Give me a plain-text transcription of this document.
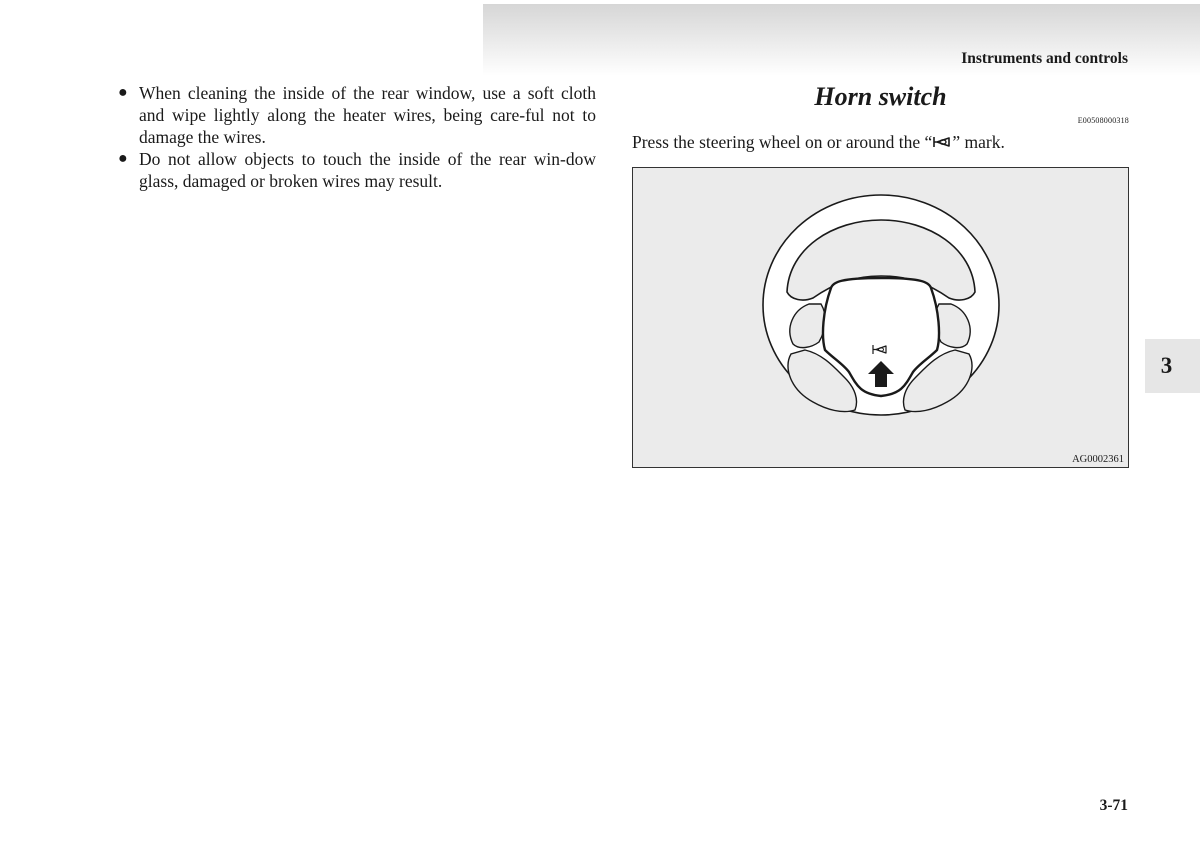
Instruments and controls

● When cleaning the inside of the rear window, use a soft cloth and wipe lightly along the heater wires, being care-ful not to damage the wires.
● Do not allow objects to touch the inside of the rear win-dow glass, damaged or broken wires may result.
Horn switch
E00508000318
Press the steering wheel on or around the “ ” mark.
AG0002361
3
3-71
